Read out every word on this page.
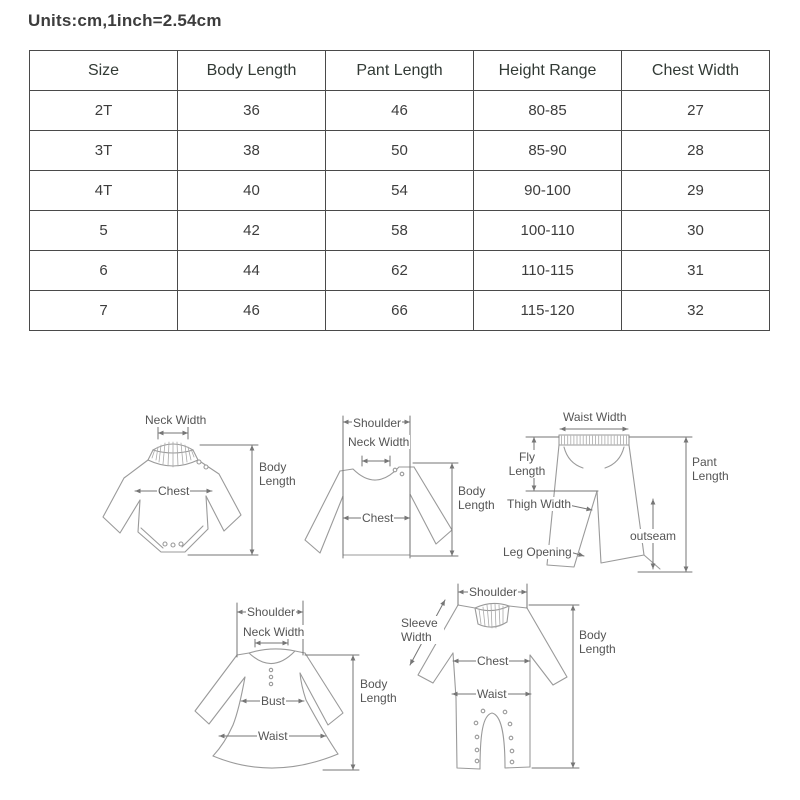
Units:cm,1inch=2.54cm
Size	Body Length	Pant Length	Height Range	Chest Width
2T	36	46	80-85	27
3T	38	50	85-90	28
4T	40	54	90-100	29
5	42	58	100-110	30
6	44	62	110-115	31
7	46	66	115-120	32
Neck Width
Chest
Body Length
Shoulder
Neck Width
Chest
Body Length
Waist Width
Fly Length
Thigh Width
outseam
Leg Opening
Pant Length
Shoulder
Neck Width
Bust
Waist
Body Length
Shoulder
Sleeve Width
Chest
Waist
Body Length
